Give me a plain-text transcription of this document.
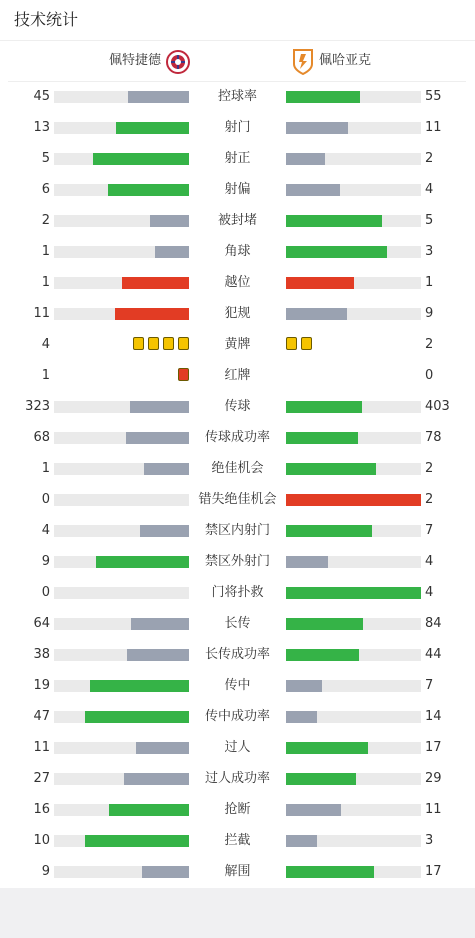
技术统计
佩特捷德	佩哈亚克
45	控球率	55
13	射门	11
5	射正	2
6	射偏	4
2	被封堵	5
1	角球	3
1	越位	1
11	犯规	9
4	黄牌	2
1	红牌	0
323	传球	403
68	传球成功率	78
1	绝佳机会	2
0	错失绝佳机会	2
4	禁区内射门	7
9	禁区外射门	4
0	门将扑救	4
64	长传	84
38	长传成功率	44
19	传中	7
47	传中成功率	14
11	过人	17
27	过人成功率	29
16	抢断	11
10	拦截	3
9	解围	17
